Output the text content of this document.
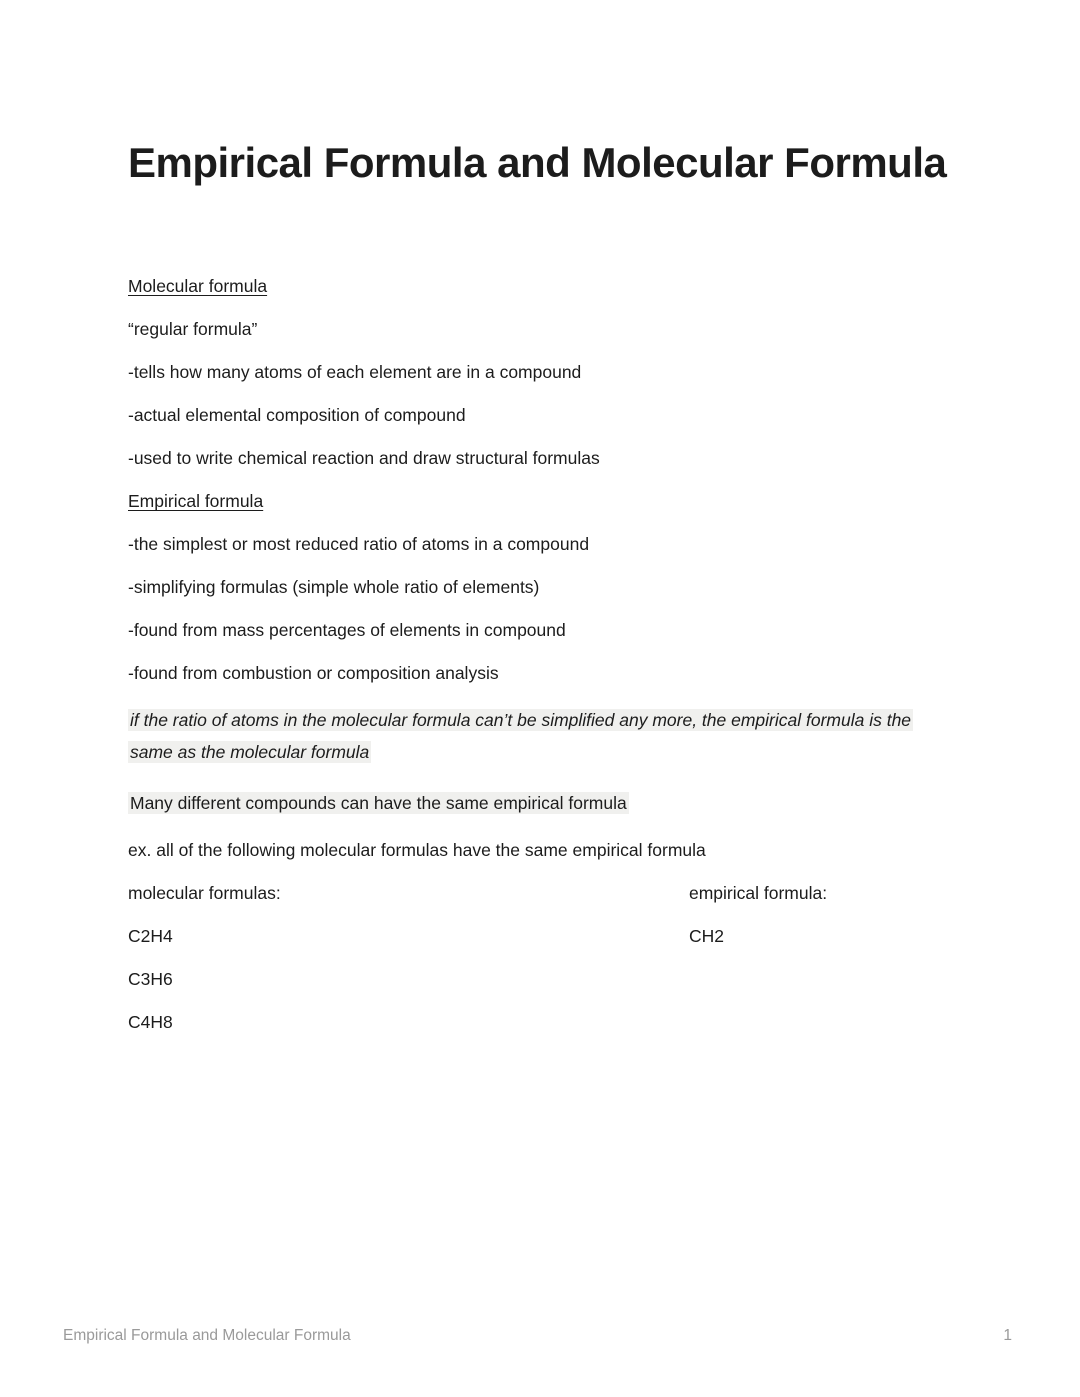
Empirical Formula and Molecular Formula

Molecular formula

“regular formula”

-tells how many atoms of each element are in a compound

-actual elemental composition of compound

-used to write chemical reaction and draw structural formulas

Empirical formula

-the simplest or most reduced ratio of atoms in a compound

-simplifying formulas (simple whole ratio of elements)

-found from mass percentages of elements in compound

-found from combustion or composition analysis

if the ratio of atoms in the molecular formula can’t be simplified any more, the empirical formula is the same as the molecular formula

Many different compounds can have the same empirical formula

ex. all of the following molecular formulas have the same empirical formula

molecular formulas:	empirical formula:
C2H4	CH2
C3H6
C4H8
Empirical Formula and Molecular Formula	1
